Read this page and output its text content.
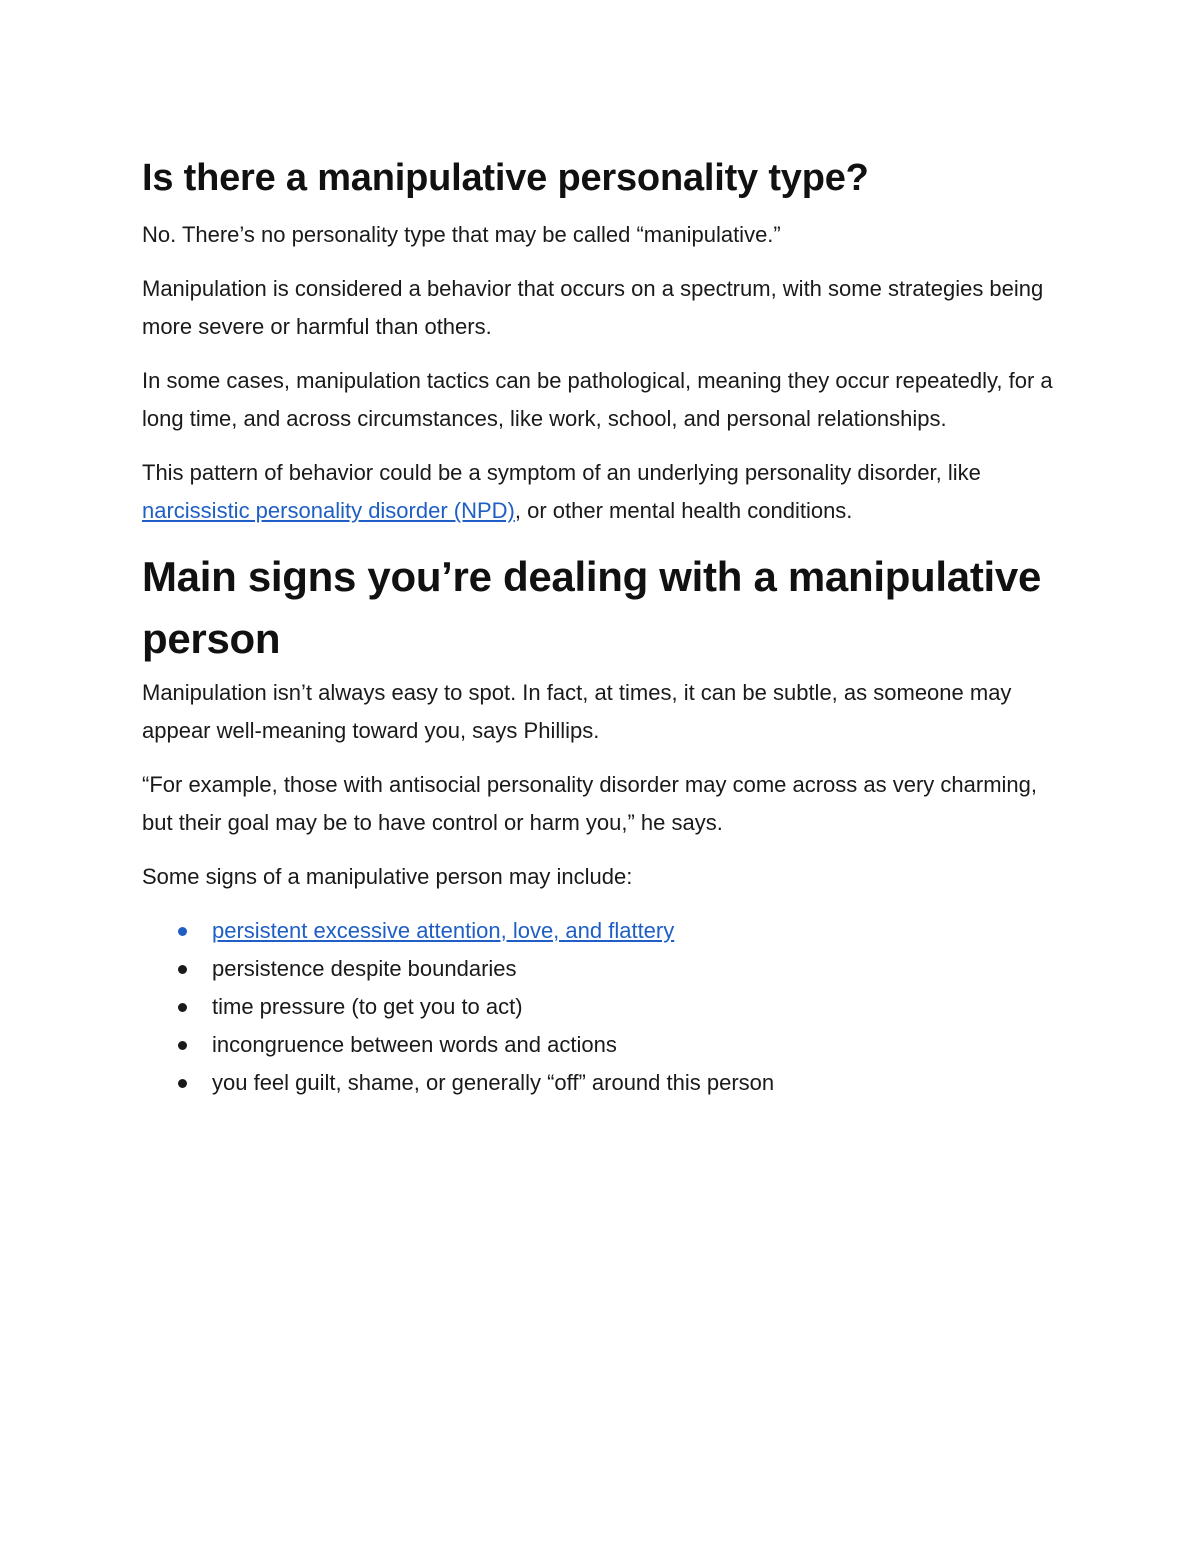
Is there a manipulative personality type?

No. There’s no personality type that may be called “manipulative.”

Manipulation is considered a behavior that occurs on a spectrum, with some strategies being more severe or harmful than others.

In some cases, manipulation tactics can be pathological, meaning they occur repeatedly, for a long time, and across circumstances, like work, school, and personal relationships.

This pattern of behavior could be a symptom of an underlying personality disorder, like narcissistic personality disorder (NPD), or other mental health conditions.

Main signs you’re dealing with a manipulative person

Manipulation isn’t always easy to spot. In fact, at times, it can be subtle, as someone may appear well-meaning toward you, says Phillips.

“For example, those with antisocial personality disorder may come across as very charming, but their goal may be to have control or harm you,” he says.

Some signs of a manipulative person may include:

persistent excessive attention, love, and flattery
persistence despite boundaries
time pressure (to get you to act)
incongruence between words and actions
you feel guilt, shame, or generally “off” around this person
